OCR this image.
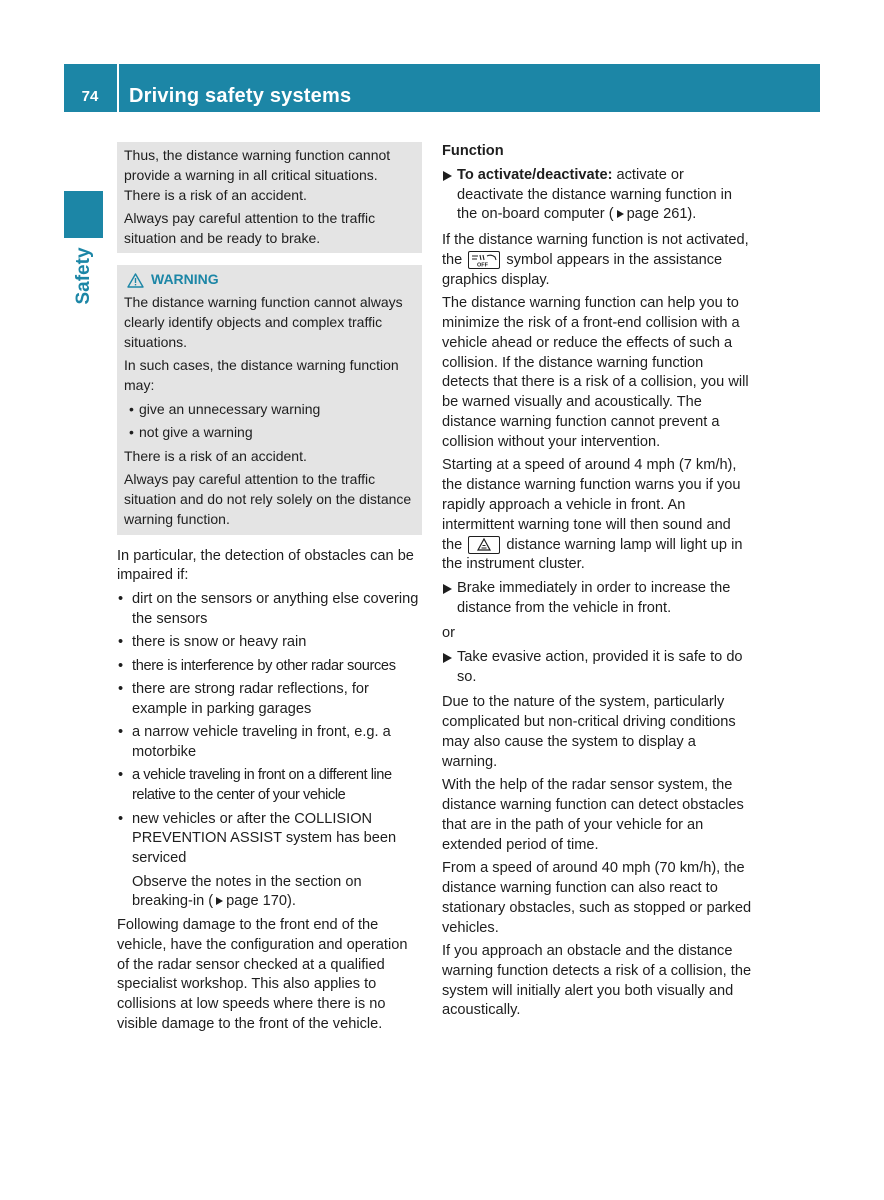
74	Driving safety systems
Safety

Thus, the distance warning function cannot provide a warning in all critical situations. There is a risk of an accident.

Always pay careful attention to the traffic situation and be ready to brake.

WARNING

The distance warning function cannot always clearly identify objects and complex traffic situations.

In such cases, the distance warning function may:

• give an unnecessary warning
• not give a warning

There is a risk of an accident.

Always pay careful attention to the traffic situation and do not rely solely on the distance warning function.

In particular, the detection of obstacles can be impaired if:

• dirt on the sensors or anything else covering the sensors
• there is snow or heavy rain
• there is interference by other radar sources
• there are strong radar reflections, for example in parking garages
• a narrow vehicle traveling in front, e.g. a motorbike
• a vehicle traveling in front on a different line relative to the center of your vehicle
• new vehicles or after the COLLISION PREVENTION ASSIST system has been serviced

Observe the notes in the section on breaking-in ( page 170).

Following damage to the front end of the vehicle, have the configuration and operation of the radar sensor checked at a qualified specialist workshop. This also applies to collisions at low speeds where there is no visible damage to the front of the vehicle.

Function
To activate/deactivate: activate or deactivate the distance warning function in the on-board computer ( page 261).

If the distance warning function is not activated, the OFF symbol appears in the assistance graphics display.

The distance warning function can help you to minimize the risk of a front-end collision with a vehicle ahead or reduce the effects of such a collision. If the distance warning function detects that there is a risk of a collision, you will be warned visually and acoustically. The distance warning function cannot prevent a collision without your intervention.

Starting at a speed of around 4 mph (7 km/h), the distance warning function warns you if you rapidly approach a vehicle in front. An intermittent warning tone will then sound and the  distance warning lamp will light up in the instrument cluster.

Brake immediately in order to increase the distance from the vehicle in front.

or

Take evasive action, provided it is safe to do so.

Due to the nature of the system, particularly complicated but non-critical driving conditions may also cause the system to display a warning.

With the help of the radar sensor system, the distance warning function can detect obstacles that are in the path of your vehicle for an extended period of time.

From a speed of around 40 mph (70 km/h), the distance warning function can also react to stationary obstacles, such as stopped or parked vehicles.

If you approach an obstacle and the distance warning function detects a risk of a collision, the system will initially alert you both visually and acoustically.
